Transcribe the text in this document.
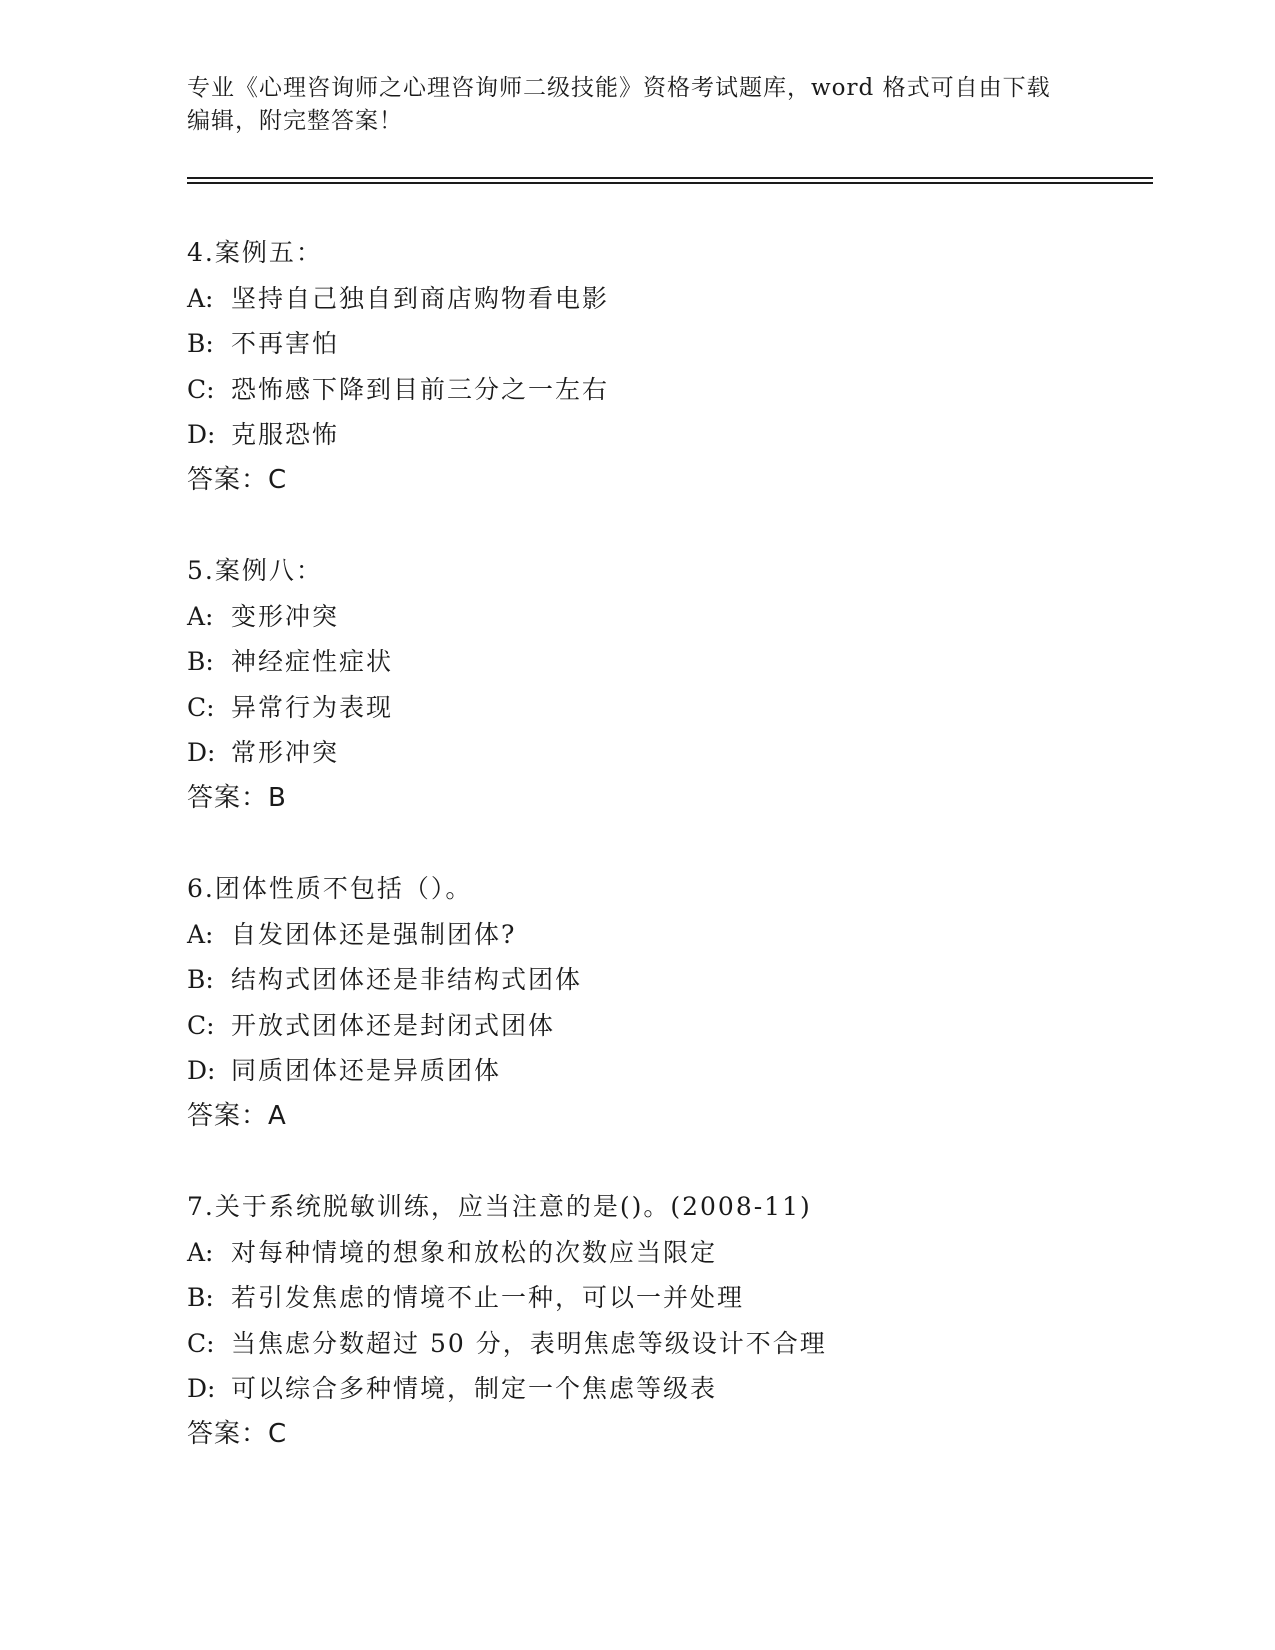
专业《心理咨询师之心理咨询师二级技能》资格考试题库，word 格式可自由下载
编辑，附完整答案！
4.案例五：
A: 坚持自己独自到商店购物看电影
B: 不再害怕
C: 恐怖感下降到目前三分之一左右
D: 克服恐怖
答案：C
5.案例八：
A: 变形冲突
B: 神经症性症状
C: 异常行为表现
D: 常形冲突
答案：B
6.团体性质不包括（）。
A: 自发团体还是强制团体?
B: 结构式团体还是非结构式团体
C: 开放式团体还是封闭式团体
D: 同质团体还是异质团体
答案：A
7.关于系统脱敏训练，应当注意的是()。(2008-11)
A: 对每种情境的想象和放松的次数应当限定
B: 若引发焦虑的情境不止一种，可以一并处理
C: 当焦虑分数超过 50 分，表明焦虑等级设计不合理
D: 可以综合多种情境，制定一个焦虑等级表
答案：C
